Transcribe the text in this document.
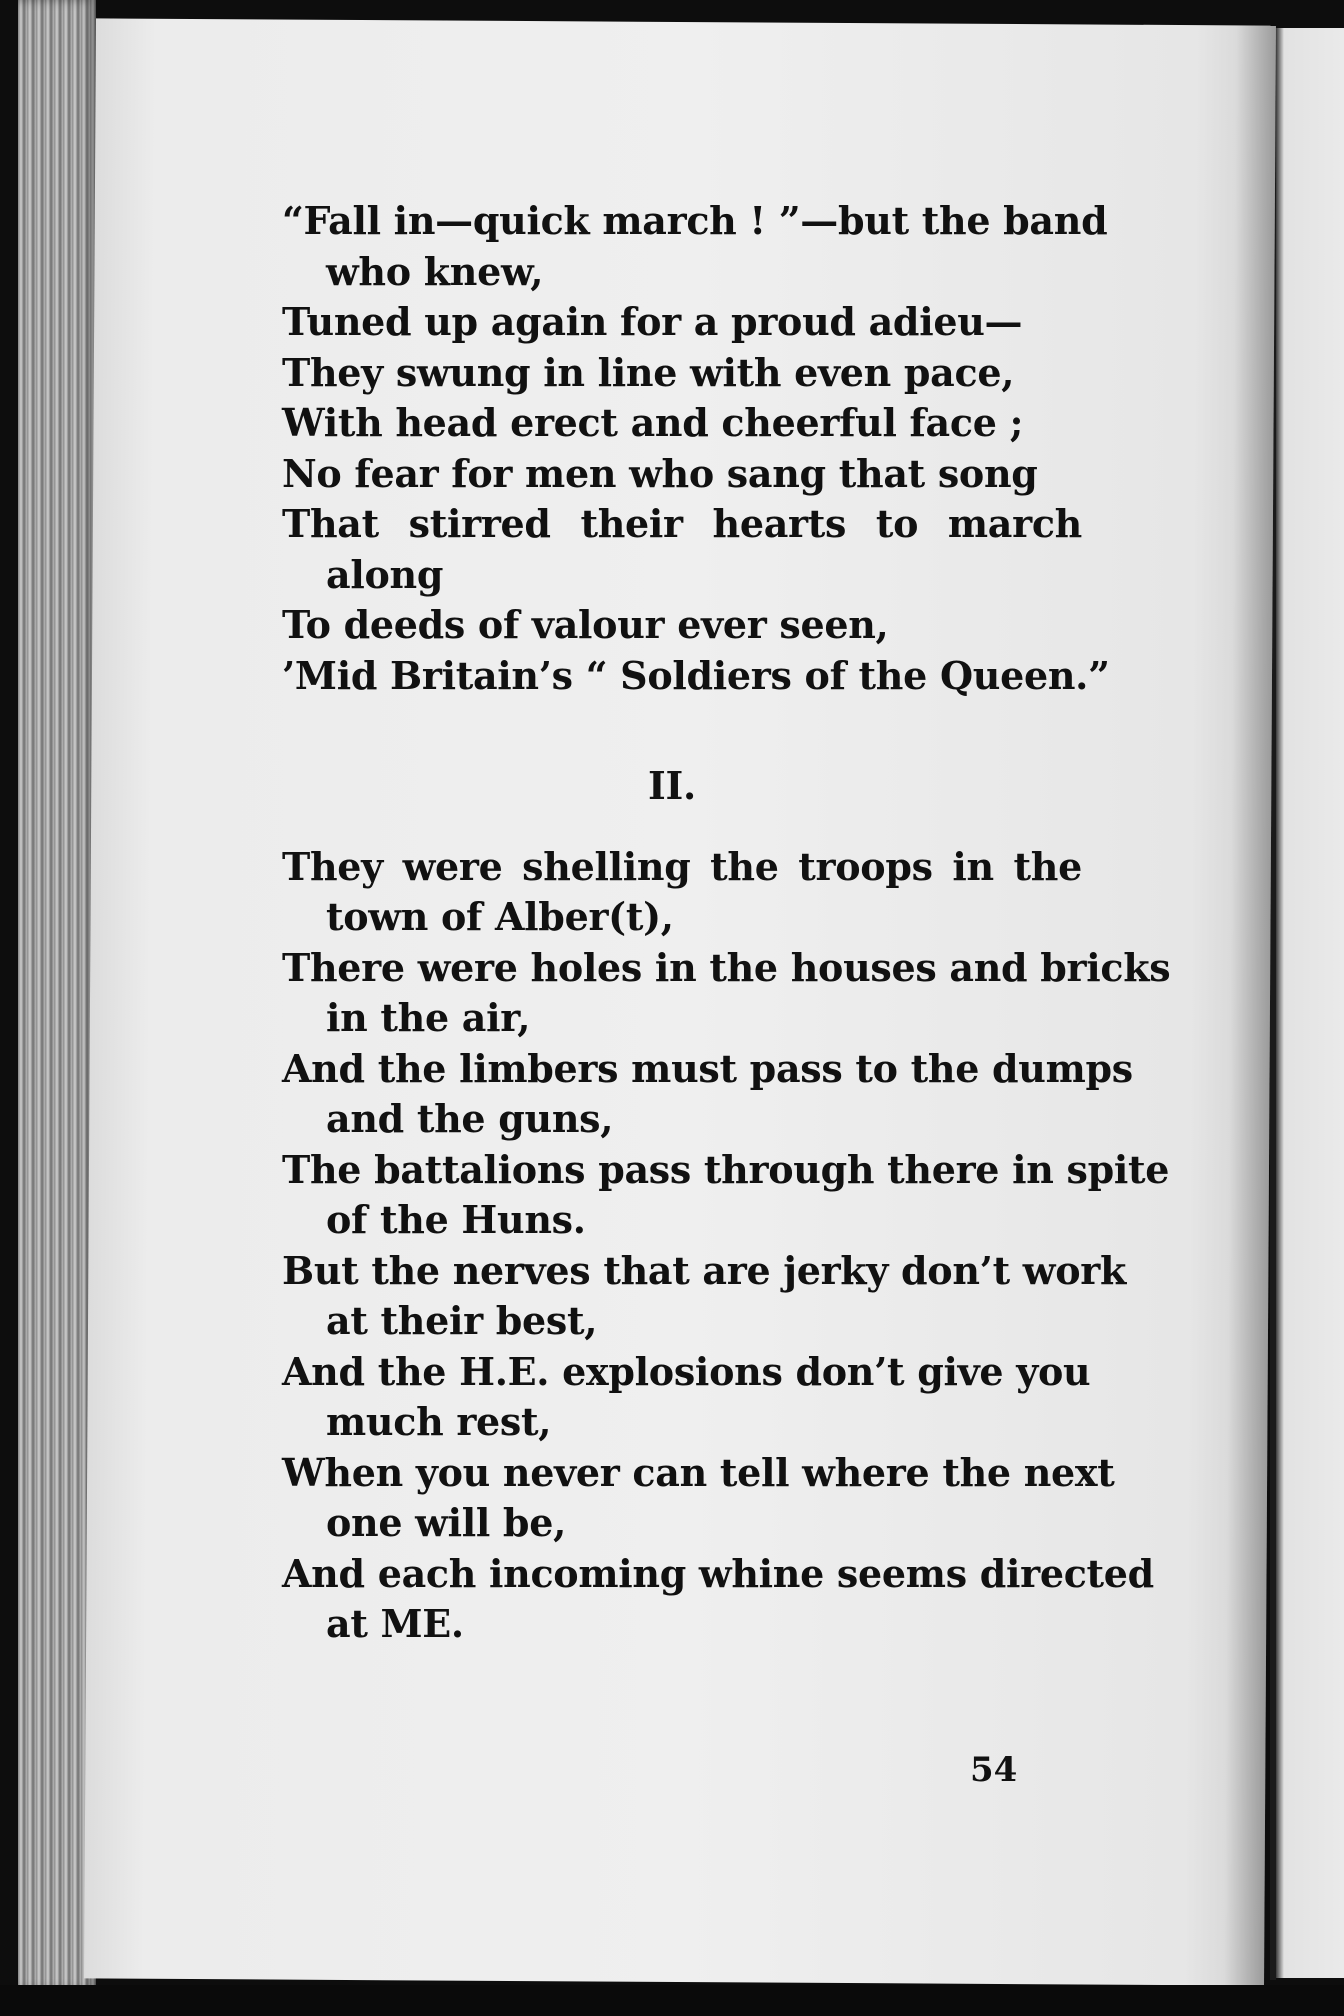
“Fall in—quick march ! ”—but the band
who knew,
Tuned up again for a proud adieu—
They swung in line with even pace,
With head erect and cheerful face ;
No fear for men who sang that song
That stirred their hearts to march
along
To deeds of valour ever seen,
’Mid Britain’s “ Soldiers of the Queen.”
II.
They were shelling the troops in the
town of Alber(t),
There were holes in the houses and bricks
in the air,
And the limbers must pass to the dumps
and the guns,
The battalions pass through there in spite
of the Huns.
But the nerves that are jerky don’t work
at their best,
And the H.E. explosions don’t give you
much rest,
When you never can tell where the next
one will be,
And each incoming whine seems directed
at ME.
54
